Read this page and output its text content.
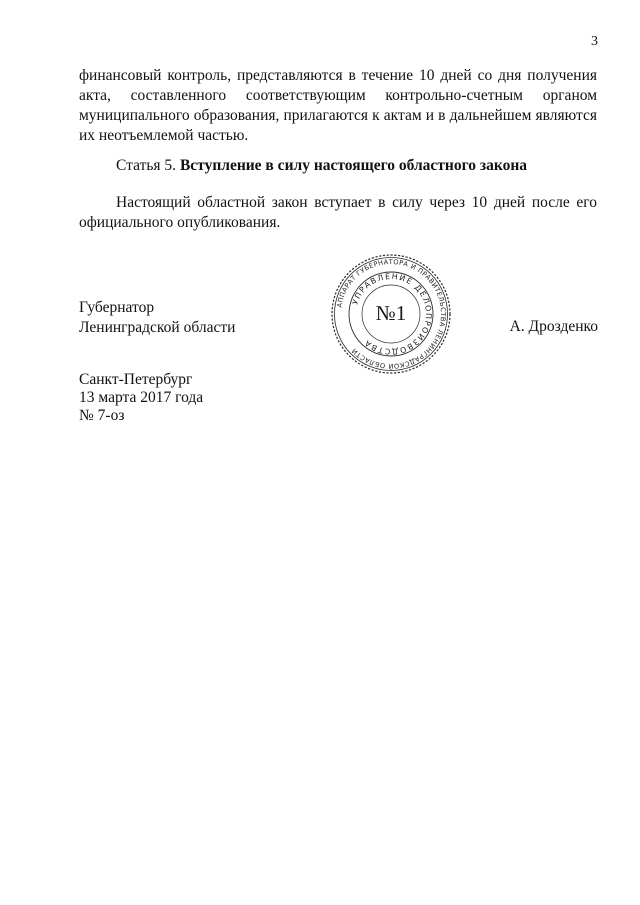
3

финансовый контроль, представляются в течение 10 дней со дня получения акта, составленного соответствующим контрольно-счетным органом муниципального образования, прилагаются к актам и в дальнейшем являются их неотъемлемой частью.

Статья 5. Вступление в силу настоящего областного закона

Настоящий областной закон вступает в силу через 10 дней после его официального опубликования.

Губернатор
Ленинградской области
АППАРАТ ГУБЕРНАТОРА И ПРАВИТЕЛЬСТВА ЛЕНИНГРАДСКОЙ ОБЛАСТИ
УПРАВЛЕНИЕ ДЕЛОПРОИЗВОДСТВА
№1
А. Дрозденко
Санкт-Петербург
13 марта 2017 года
№ 7-оз
